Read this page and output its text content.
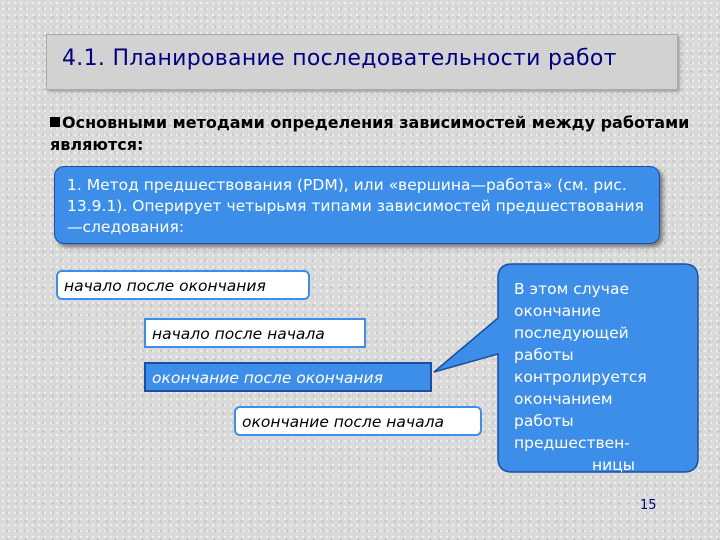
4.1. Планирование последовательности работ
Основными методами определения зависимостей между работами являются:
1. Метод предшествования (PDM), или «вершина—работа» (см. рис. 13.9.1). Оперирует четырьмя типами зависимостей предшествования—следования:
начало после окончания
начало после начала
окончание после окончания
окончание после начала
В этом случае
окончание
последующей
работы
контролируется
окончанием
работы
предшествен-
ницы
15
